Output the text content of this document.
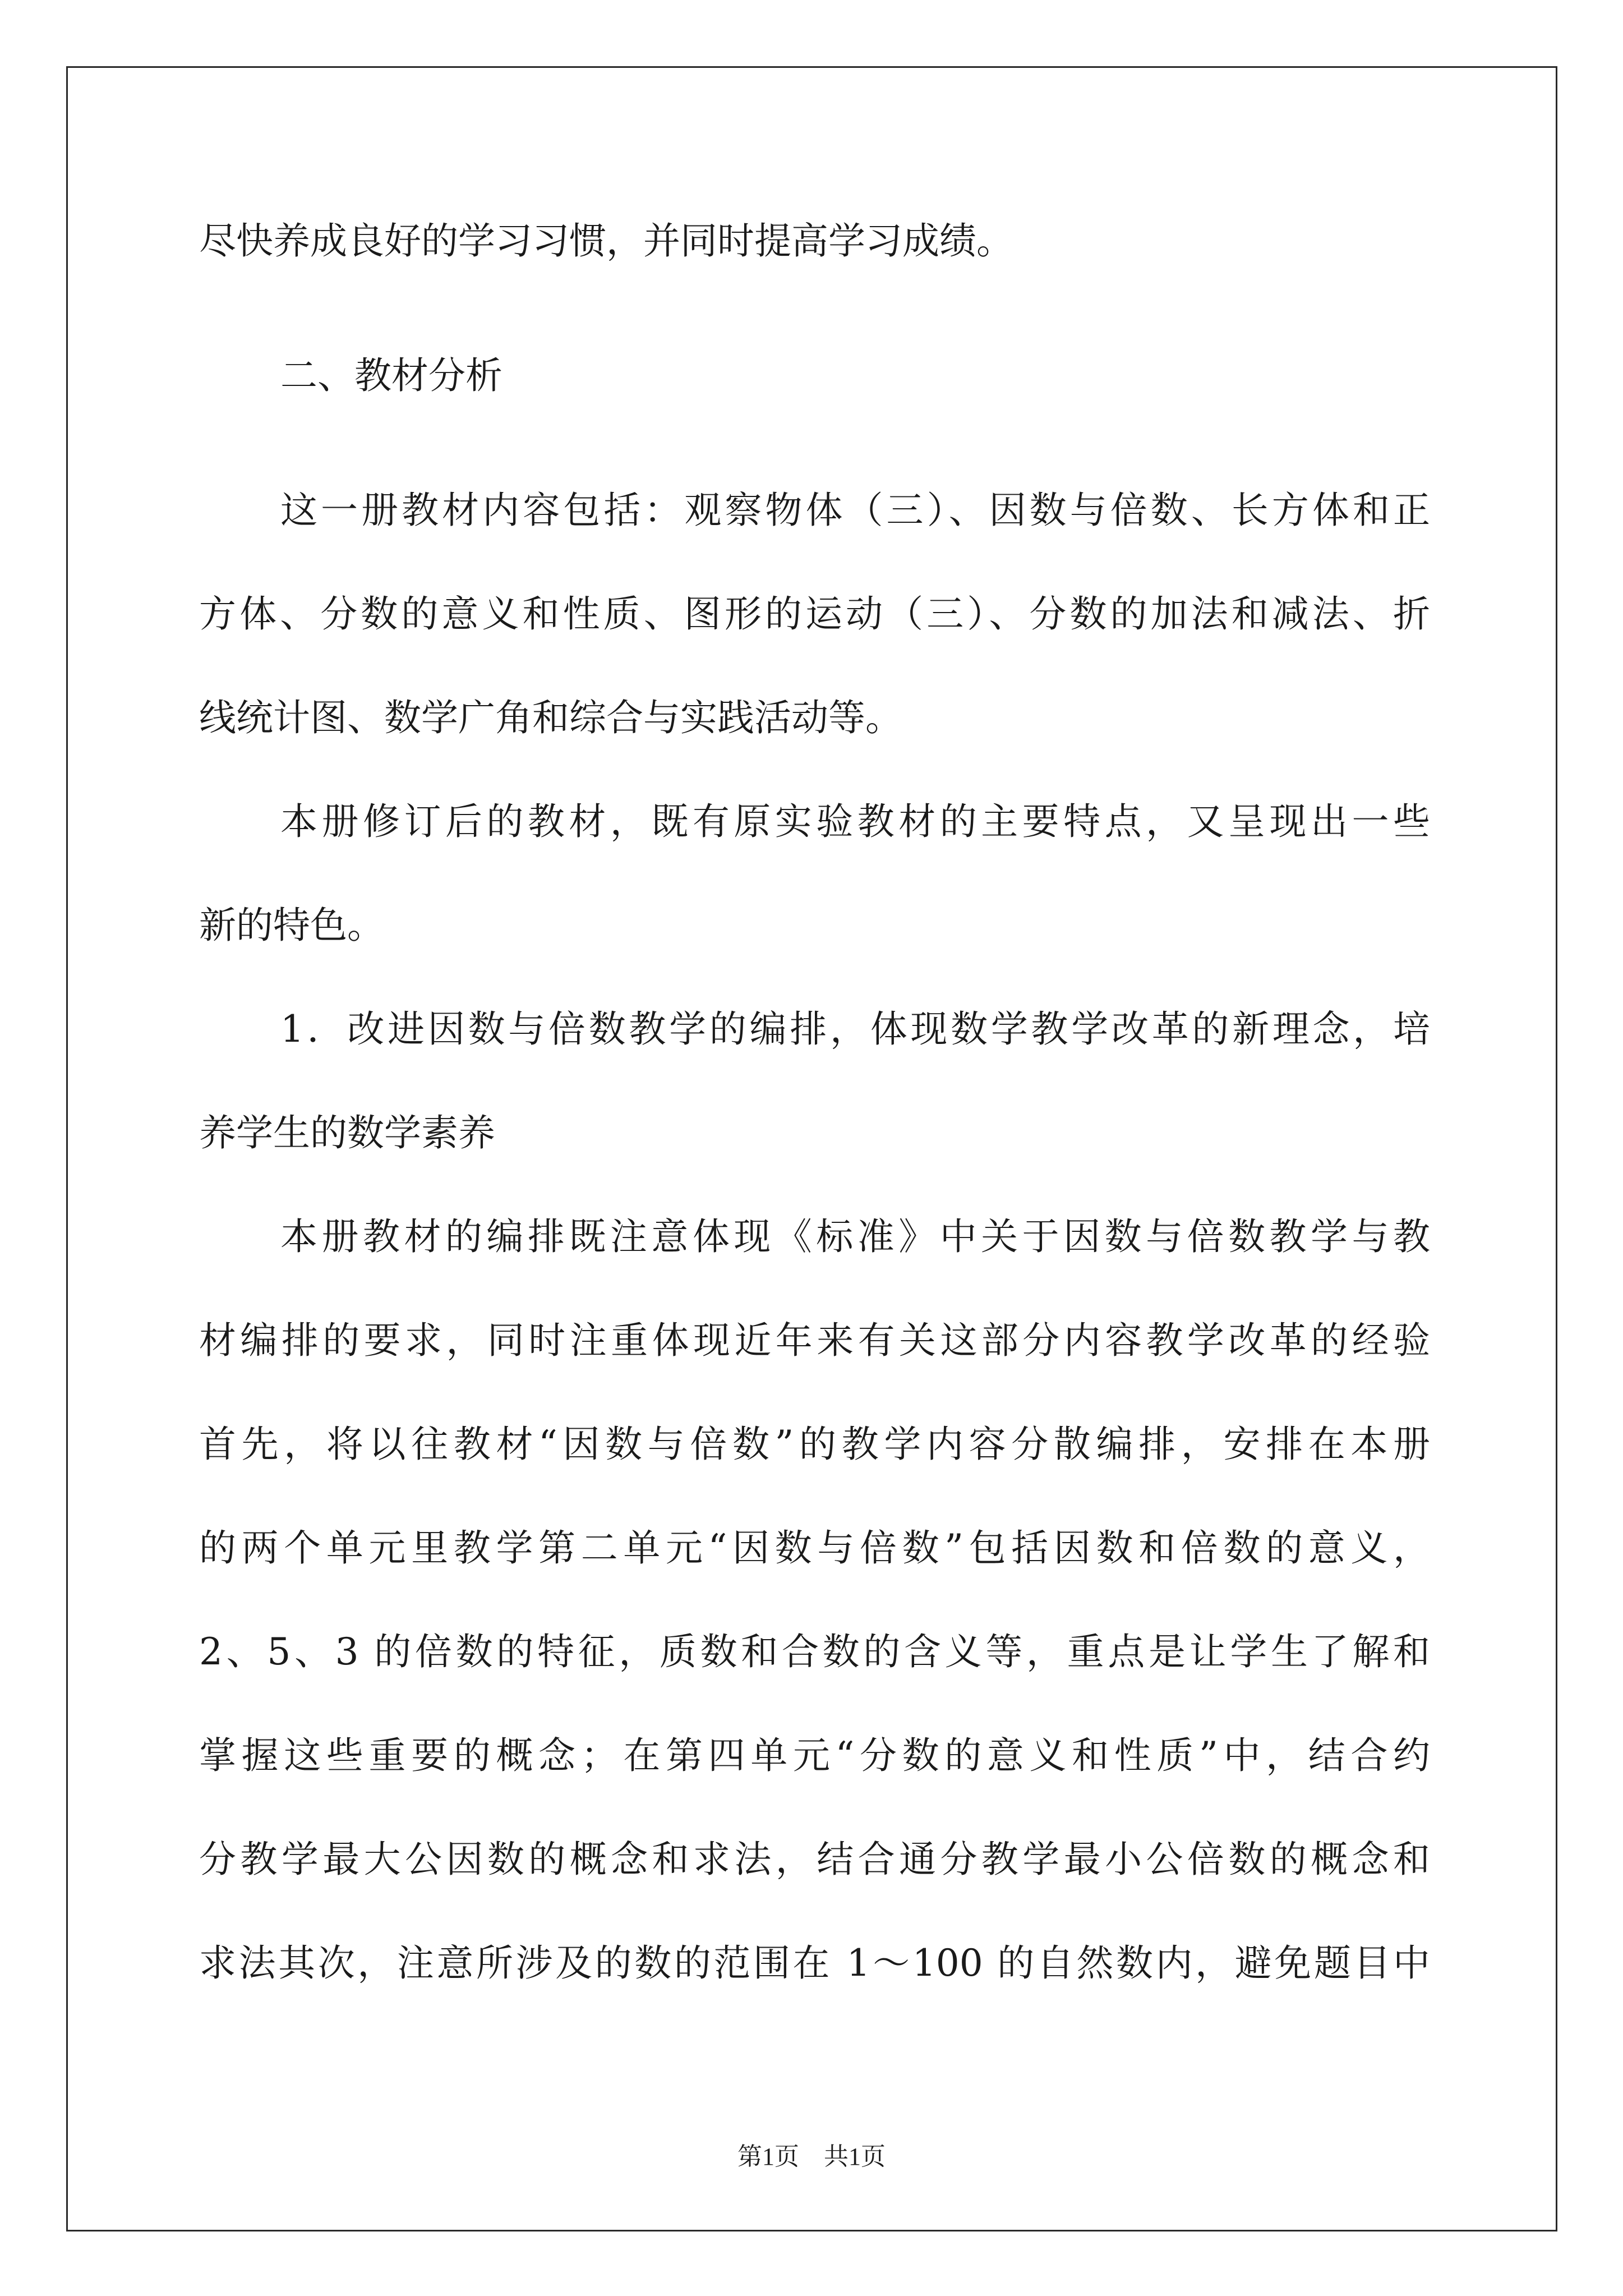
尽快养成良好的学习习惯，并同时提高学习成绩。
二、教材分析
这一册教材内容包括：观察物体（三）、因数与倍数、长方体和正
方体、分数的意义和性质、图形的运动（三）、分数的加法和减法、折
线统计图、数学广角和综合与实践活动等。
本册修订后的教材，既有原实验教材的主要特点，又呈现出一些
新的特色。
1．改进因数与倍数教学的编排，体现数学教学改革的新理念，培
养学生的数学素养
本册教材的编排既注意体现《标准》中关于因数与倍数教学与教
材编排的要求，同时注重体现近年来有关这部分内容教学改革的经验
首先，将以往教材“因数与倍数”的教学内容分散编排，安排在本册
的两个单元里教学第二单元“因数与倍数”包括因数和倍数的意义，
2、5、3 的倍数的特征，质数和合数的含义等，重点是让学生了解和
掌握这些重要的概念；在第四单元“分数的意义和性质”中，结合约
分教学最大公因数的概念和求法，结合通分教学最小公倍数的概念和
求法其次，注意所涉及的数的范围在 1～100 的自然数内，避免题目中
第1页　共1页
